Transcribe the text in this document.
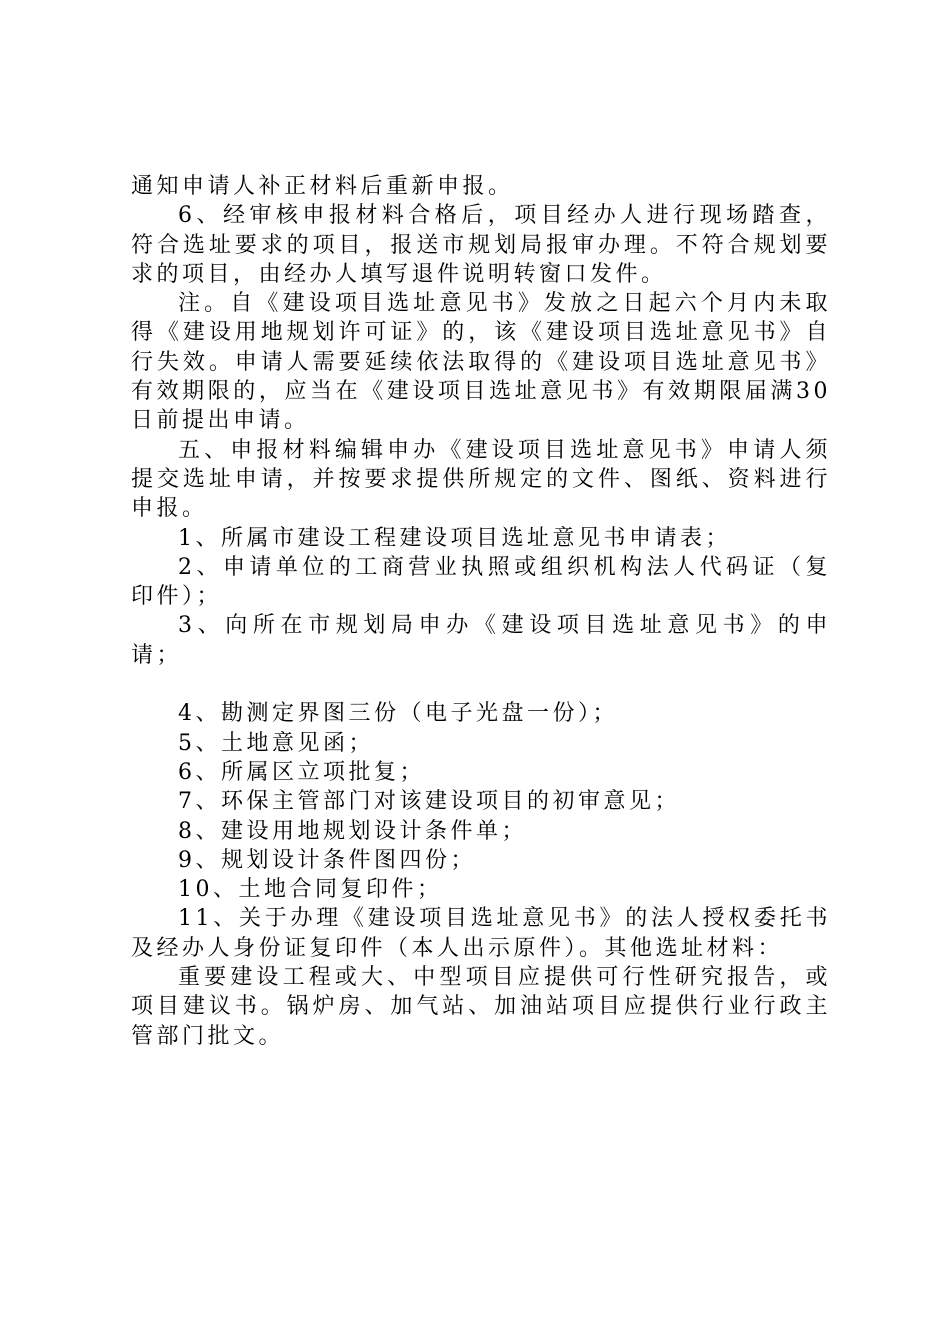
通知申请人补正材料后重新申报。

6、经审核申报材料合格后，项目经办人进行现场踏查，符合选址要求的项目，报送市规划局报审办理。不符合规划要求的项目，由经办人填写退件说明转窗口发件。

注。自《建设项目选址意见书》发放之日起六个月内未取得《建设用地规划许可证》的，该《建设项目选址意见书》自行失效。申请人需要延续依法取得的《建设项目选址意见书》有效期限的，应当在《建设项目选址意见书》有效期限届满30日前提出申请。

五、申报材料编辑申办《建设项目选址意见书》申请人须提交选址申请，并按要求提供所规定的文件、图纸、资料进行申报。

1、所属市建设工程建设项目选址意见书申请表；

2、申请单位的工商营业执照或组织机构法人代码证（复印件）；

3、向所在市规划局申办《建设项目选址意见书》的申请；

4、勘测定界图三份（电子光盘一份）；

5、土地意见函；

6、所属区立项批复；

7、环保主管部门对该建设项目的初审意见；

8、建设用地规划设计条件单；

9、规划设计条件图四份；

10、土地合同复印件；

11、关于办理《建设项目选址意见书》的法人授权委托书及经办人身份证复印件（本人出示原件）。其他选址材料：

重要建设工程或大、中型项目应提供可行性研究报告，或项目建议书。锅炉房、加气站、加油站项目应提供行业行政主管部门批文。
